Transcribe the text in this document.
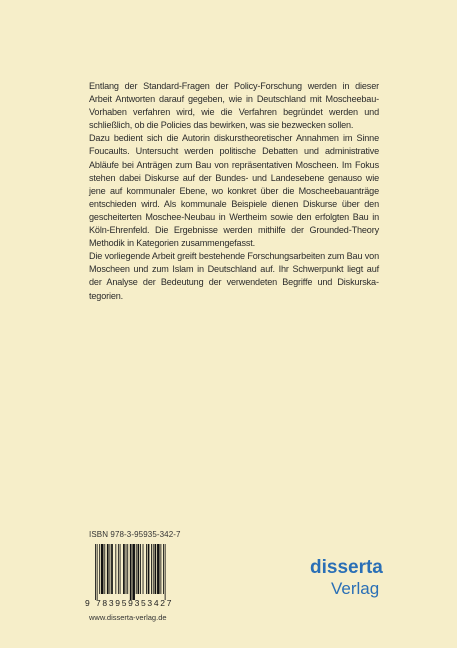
Entlang der Standard-Fragen der Policy-Forschung werden in dieser Arbeit Antworten darauf gegeben, wie in Deutschland mit Moscheebau-Vorhaben verfahren wird, wie die Verfahren begründet werden und schließlich, ob die Policies das bewirken, was sie bezwecken sollen.

Dazu bedient sich die Autorin diskurstheoretischer Annahmen im Sinne Foucaults. Untersucht werden politische Debatten und administrative Abläufe bei Anträgen zum Bau von repräsentativen Moscheen. Im Fokus stehen dabei Diskurse auf der Bundes- und Landesebene genauso wie jene auf kommunaler Ebene, wo konkret über die Moscheebauanträge entschieden wird. Als kommunale Beispiele dienen Diskurse über den gescheiterten Moschee-Neubau in Wertheim sowie den erfolgten Bau in Köln-Ehrenfeld. Die Ergebnisse werden mithilfe der Grounded-Theory Methodik in Kategorien zusammengefasst.

Die vorliegende Arbeit greift bestehende Forschungsarbeiten zum Bau von Moscheen und zum Islam in Deutschland auf. Ihr Schwerpunkt liegt auf der Analyse der Bedeutung der verwendeten Begriffe und Diskurskategorien.

ISBN 978-3-95935-342-7
9 783959353427
www.disserta-verlag.de
disserta
Verlag
